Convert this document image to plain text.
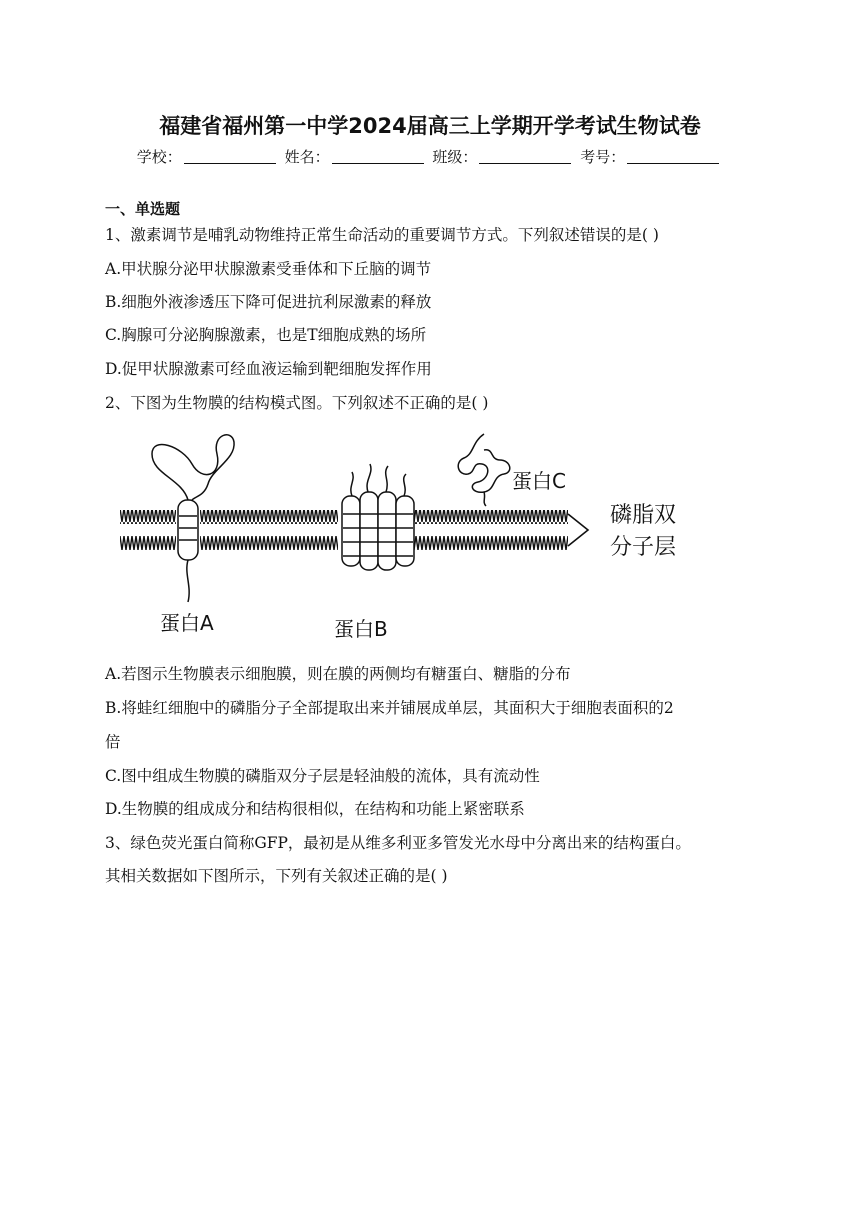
福建省福州第一中学2024届高三上学期开学考试生物试卷
学校：	姓名：	班级：	考号：
一、单选题
1、激素调节是哺乳动物维持正常生命活动的重要调节方式。下列叙述错误的是( )
A.甲状腺分泌甲状腺激素受垂体和下丘脑的调节
B.细胞外液渗透压下降可促进抗利尿激素的释放
C.胸腺可分泌胸腺激素，也是T细胞成熟的场所
D.促甲状腺激素可经血液运输到靶细胞发挥作用
2、下图为生物膜的结构模式图。下列叙述不正确的是( )
蛋白C
磷脂双
分子层
蛋白A	蛋白B
A.若图示生物膜表示细胞膜，则在膜的两侧均有糖蛋白、糖脂的分布
B.将蛙红细胞中的磷脂分子全部提取出来并铺展成单层，其面积大于细胞表面积的2
倍
C.图中组成生物膜的磷脂双分子层是轻油般的流体，具有流动性
D.生物膜的组成成分和结构很相似，在结构和功能上紧密联系
3、绿色荧光蛋白简称GFP，最初是从维多利亚多管发光水母中分离出来的结构蛋白。
其相关数据如下图所示，下列有关叙述正确的是( )
